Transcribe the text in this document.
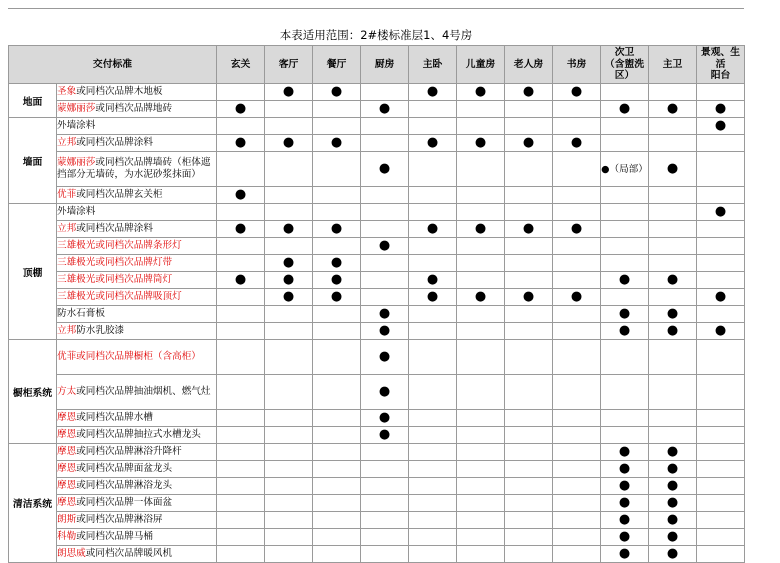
本表适用范围：2#楼标准层1、4号房
交付标准		玄关	客厅	餐厅	厨房	主卧	儿童房	老人房	书房	次卫
（含盥洗区）	主卫	景观、生活
阳台
地面	圣象或同档次品牌木地板		●	●		●	●	●	●			
	蒙娜丽莎或同档次品牌地砖	●			●					●	●	●
墙面	外墙涂料											●
	立邦或同档次品牌涂料	●	●	●		●	●	●	●			
	蒙娜丽莎或同档次品牌墙砖（柜体遮挡部分无墙砖，为水泥砂浆抹面）				●					●（局部）	●	
	优菲或同档次品牌玄关柜	●										
顶棚	外墙涂料											●
	立邦或同档次品牌涂料	●	●	●		●	●	●	●			
	三雄极光或同档次品牌条形灯				●							
	三雄极光或同档次品牌灯带		●	●								
	三雄极光或同档次品牌筒灯	●	●	●		●				●	●	
	三雄极光或同档次品牌吸顶灯		●	●		●	●	●	●			●
	防水石膏板				●					●	●	
	立邦防水乳胶漆				●					●	●	●
橱柜系统	优菲或同档次品牌橱柜（含高柜）				●							
	方太或同档次品牌抽油烟机、燃气灶				●							
	摩恩或同档次品牌水槽				●							
	摩恩或同档次品牌抽拉式水槽龙头				●							
清洁系统	摩恩或同档次品牌淋浴升降杆									●	●	
	摩恩或同档次品牌面盆龙头									●	●	
	摩恩或同档次品牌淋浴龙头									●	●	
	摩恩或同档次品牌一体面盆									●	●	
	朗斯或同档次品牌淋浴屏									●	●	
	科勒或同档次品牌马桶									●	●	
	朗思威或同档次品牌暖风机									●	●	
